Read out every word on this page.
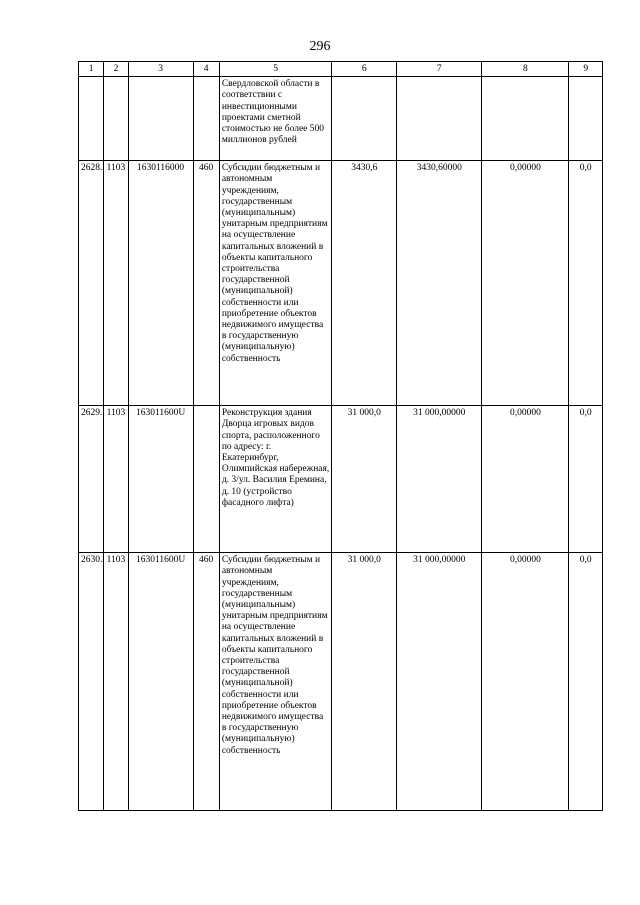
296
1	2	3	4	5	6	7	8	9
				Свердловской области в соответствии с инвестиционными проектами сметной стоимостью не более 500 миллионов рублей				
2628.	1103	1630116000	460	Субсидии бюджетным и автономным учреждениям, государственным (муниципальным) унитарным предприятиям на осуществление капитальных вложений в объекты капитального строительства государственной (муниципальной) собственности или приобретение объектов недвижимого имущества в государственную (муниципальную) собственность	3430,6	3430,60000	0,00000	0,0
2629.	1103	163011600U		Реконструкция здания Дворца игровых видов спорта, расположенного по адресу: г. Екатеринбург, Олимпийская набережная, д. 3/ул. Василия Еремина, д. 10 (устройство фасадного лифта)	31 000,0	31 000,00000	0,00000	0,0
2630.	1103	163011600U	460	Субсидии бюджетным и автономным учреждениям, государственным (муниципальным) унитарным предприятиям на осуществление капитальных вложений в объекты капитального строительства государственной (муниципальной) собственности или приобретение объектов недвижимого имущества в государственную (муниципальную) собственность	31 000,0	31 000,00000	0,00000	0,0
